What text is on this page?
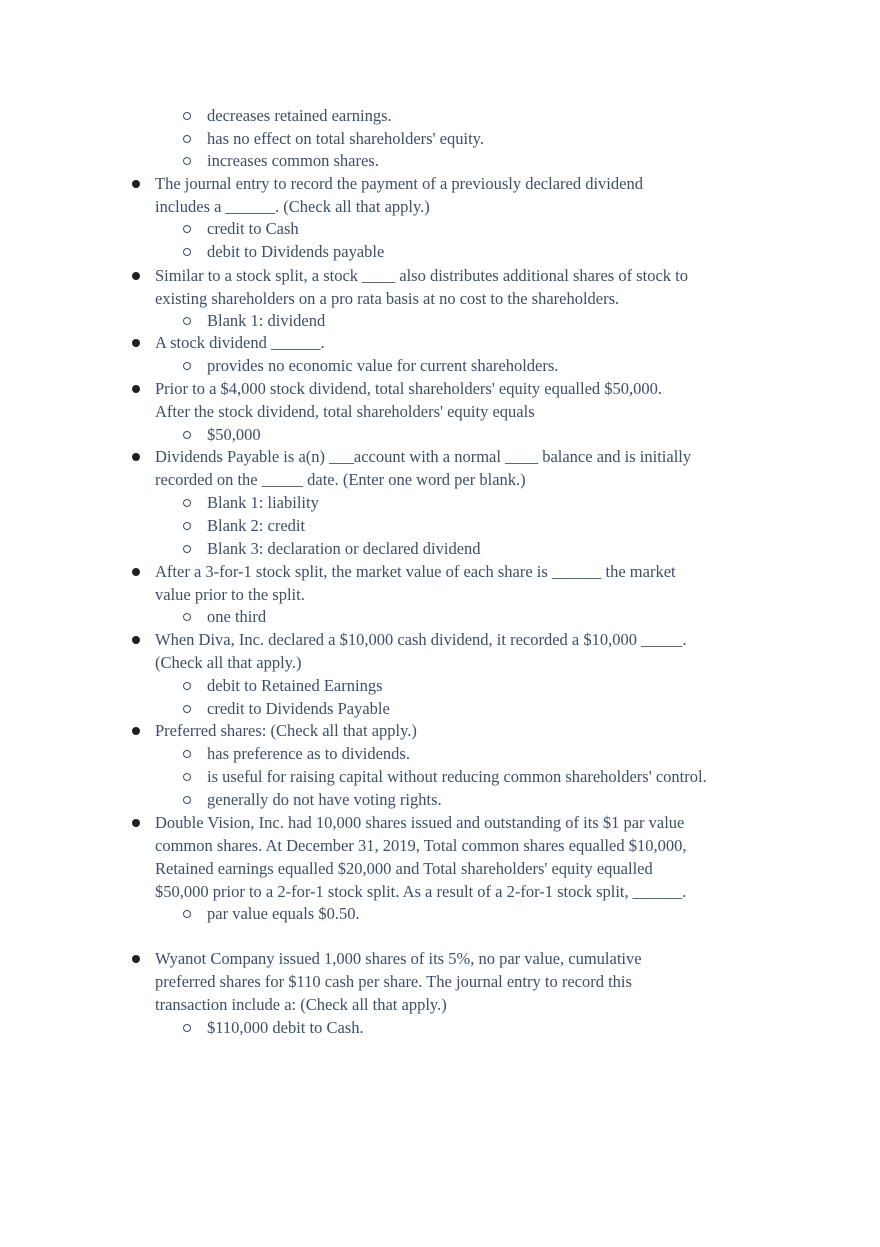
decreases retained earnings.
has no effect on total shareholders' equity.
increases common shares.
The journal entry to record the payment of a previously declared dividend
includes a ______. (Check all that apply.)
credit to Cash
debit to Dividends payable
Similar to a stock split, a stock ____ also distributes additional shares of stock to
existing shareholders on a pro rata basis at no cost to the shareholders.
Blank 1: dividend
A stock dividend ______.
provides no economic value for current shareholders.
Prior to a $4,000 stock dividend, total shareholders' equity equalled $50,000.
After the stock dividend, total shareholders' equity equals
$50,000
Dividends Payable is a(n) ___account with a normal ____ balance and is initially
recorded on the _____ date. (Enter one word per blank.)
Blank 1: liability
Blank 2: credit
Blank 3: declaration or declared dividend
After a 3-for-1 stock split, the market value of each share is ______ the market
value prior to the split.
one third
When Diva, Inc. declared a $10,000 cash dividend, it recorded a $10,000 _____.
(Check all that apply.)
debit to Retained Earnings
credit to Dividends Payable
Preferred shares: (Check all that apply.)
has preference as to dividends.
is useful for raising capital without reducing common shareholders' control.
generally do not have voting rights.
Double Vision, Inc. had 10,000 shares issued and outstanding of its $1 par value
common shares. At December 31, 2019, Total common shares equalled $10,000,
Retained earnings equalled $20,000 and Total shareholders' equity equalled
$50,000 prior to a 2-for-1 stock split. As a result of a 2-for-1 stock split, ______.
par value equals $0.50.
Wyanot Company issued 1,000 shares of its 5%, no par value, cumulative
preferred shares for $110 cash per share. The journal entry to record this
transaction include a: (Check all that apply.)
$110,000 debit to Cash.
